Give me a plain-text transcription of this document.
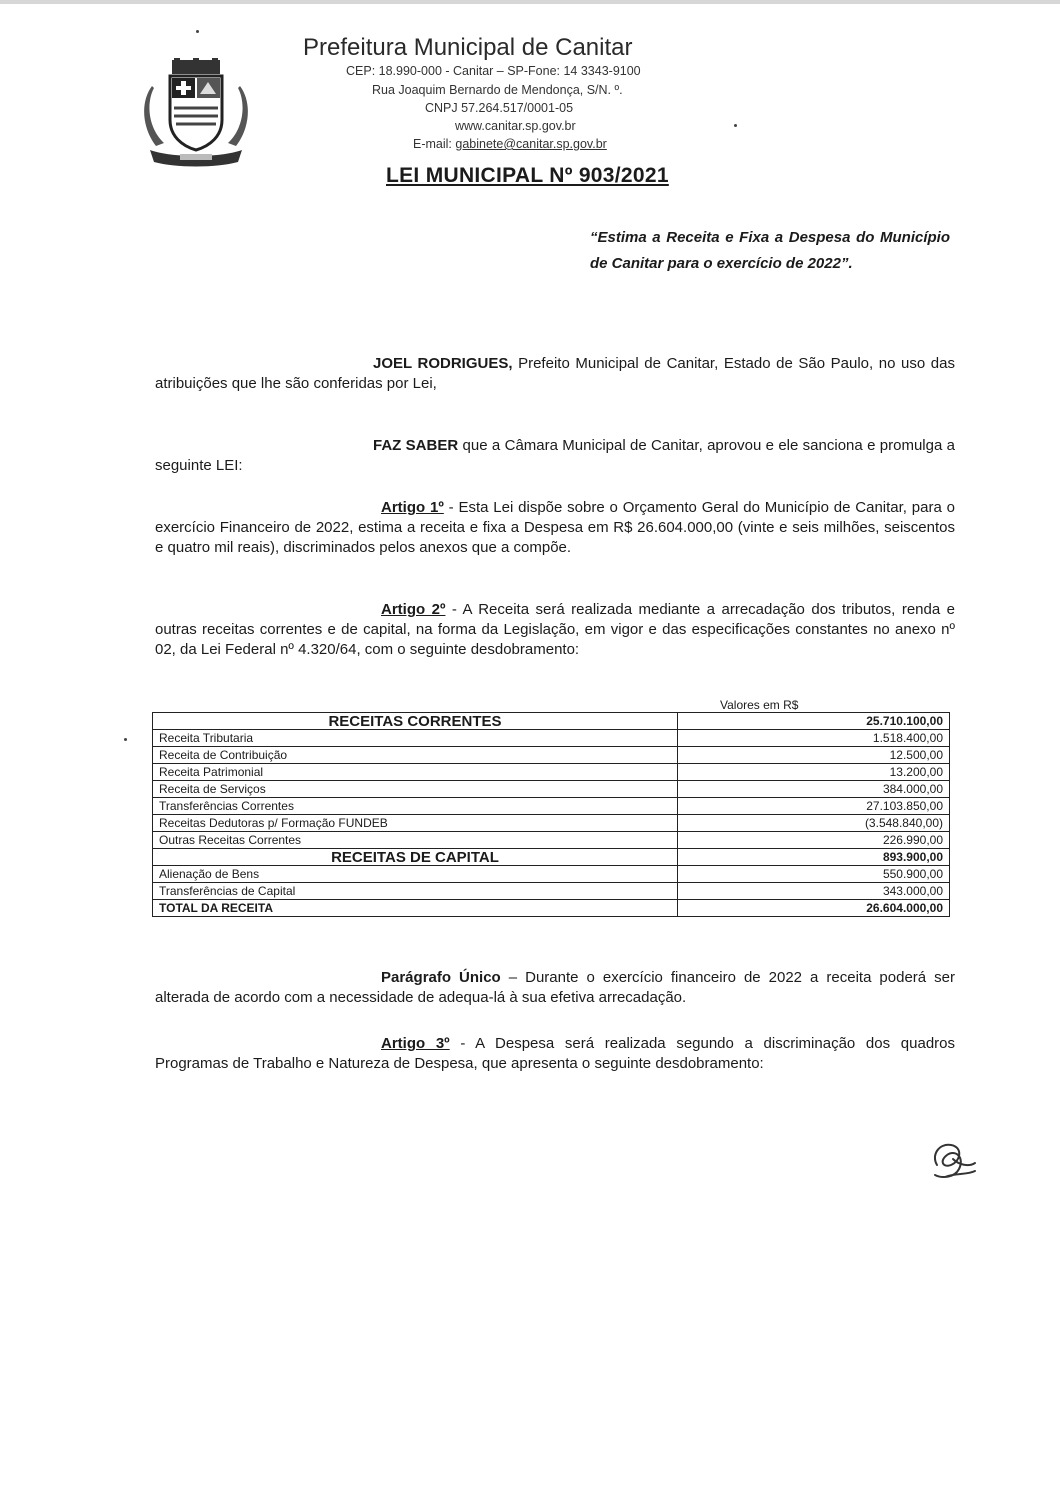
Prefeitura Municipal de Canitar
CEP: 18.990-000 - Canitar – SP-Fone: 14 3343-9100
Rua Joaquim Bernardo de Mendonça, S/N. º.
CNPJ 57.264.517/0001-05
www.canitar.sp.gov.br
E-mail: gabinete@canitar.sp.gov.br
LEI MUNICIPAL Nº 903/2021
“Estima a Receita e Fixa a Despesa do Município de Canitar para o exercício de 2022”.
JOEL RODRIGUES, Prefeito Municipal de Canitar, Estado de São Paulo, no uso das atribuições que lhe são conferidas por Lei,
FAZ SABER que a Câmara Municipal de Canitar, aprovou e ele sanciona e promulga a seguinte LEI:
Artigo 1º - Esta Lei dispõe sobre o Orçamento Geral do Município de Canitar, para o exercício Financeiro de 2022, estima a receita e fixa a Despesa em R$ 26.604.000,00 (vinte e seis milhões, seiscentos e quatro mil reais), discriminados pelos anexos que a compõe.
Artigo 2º - A Receita será realizada mediante a arrecadação dos tributos, renda e outras receitas correntes e de capital, na forma da Legislação, em vigor e das especificações constantes no anexo nº 02, da Lei Federal nº 4.320/64, com o seguinte desdobramento:
Valores em R$
RECEITAS CORRENTES	25.710.100,00
Receita Tributaria	1.518.400,00
Receita de Contribuição	12.500,00
Receita Patrimonial	13.200,00
Receita de Serviços	384.000,00
Transferências Correntes	27.103.850,00
Receitas Dedutoras p/ Formação FUNDEB	(3.548.840,00)
Outras Receitas Correntes	226.990,00
RECEITAS DE CAPITAL	893.900,00
Alienação de Bens	550.900,00
Transferências de Capital	343.000,00
TOTAL DA RECEITA	26.604.000,00
Parágrafo Único – Durante o exercício financeiro de 2022 a receita poderá ser alterada de acordo com a necessidade de adequa-lá à sua efetiva arrecadação.
Artigo 3º - A Despesa será realizada segundo a discriminação dos quadros Programas de Trabalho e Natureza de Despesa, que apresenta o seguinte desdobramento:
